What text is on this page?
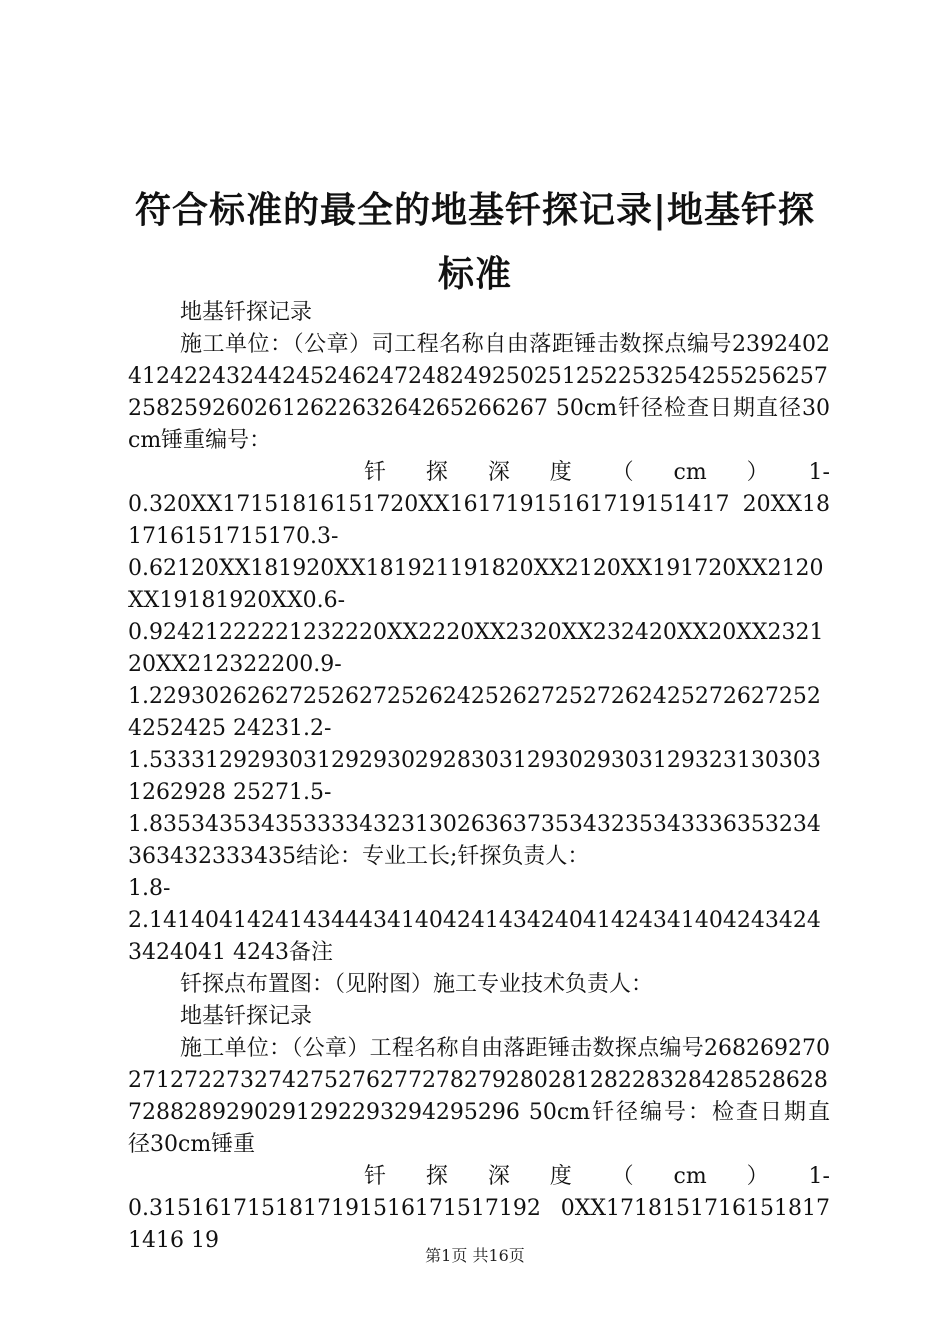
符合标准的最全的地基钎探记录|地基钎探标准

地基钎探记录

施工单位：（公章）司工程名称自由落距锤击数探点编号239240241242243244245246247248249250251252253254255256257258259260261262263264265266267 50cm钎径检查日期直径30cm锤重编号：

钎探深度（cm）1-

0.320XX17151816151720XX16171915161719151417 20XX181716151715170.3-

0.62120XX181920XX181921191820XX2120XX191720XX2120XX19181920XX0.6-

0.92421222221232220XX2220XX2320XX232420XX20XX232120XX212322200.9-

1.2293026262725262725262425262725272624252726272524252425 24231.2-

1.5333129293031292930292830312930293031293231303031262928 25271.5-

1.835343534353333432313026363735343235343336353234363432333435结论：专业工长;钎探负责人：

1.8-

2.1414041424143444341404241434240414243414042434243424041 4243备注

钎探点布置图：（见附图）施工专业技术负责人：

地基钎探记录

施工单位：（公章）工程名称自由落距锤击数探点编号268269270271272273274275276277278279280281282283284285286287288289290291292293294295296 50cm钎径编号：检查日期直径30cm锤重

钎探深度（cm）1-

0.3151617151817191516171517192 0XX17181517161518171416 19

第1页 共16页
